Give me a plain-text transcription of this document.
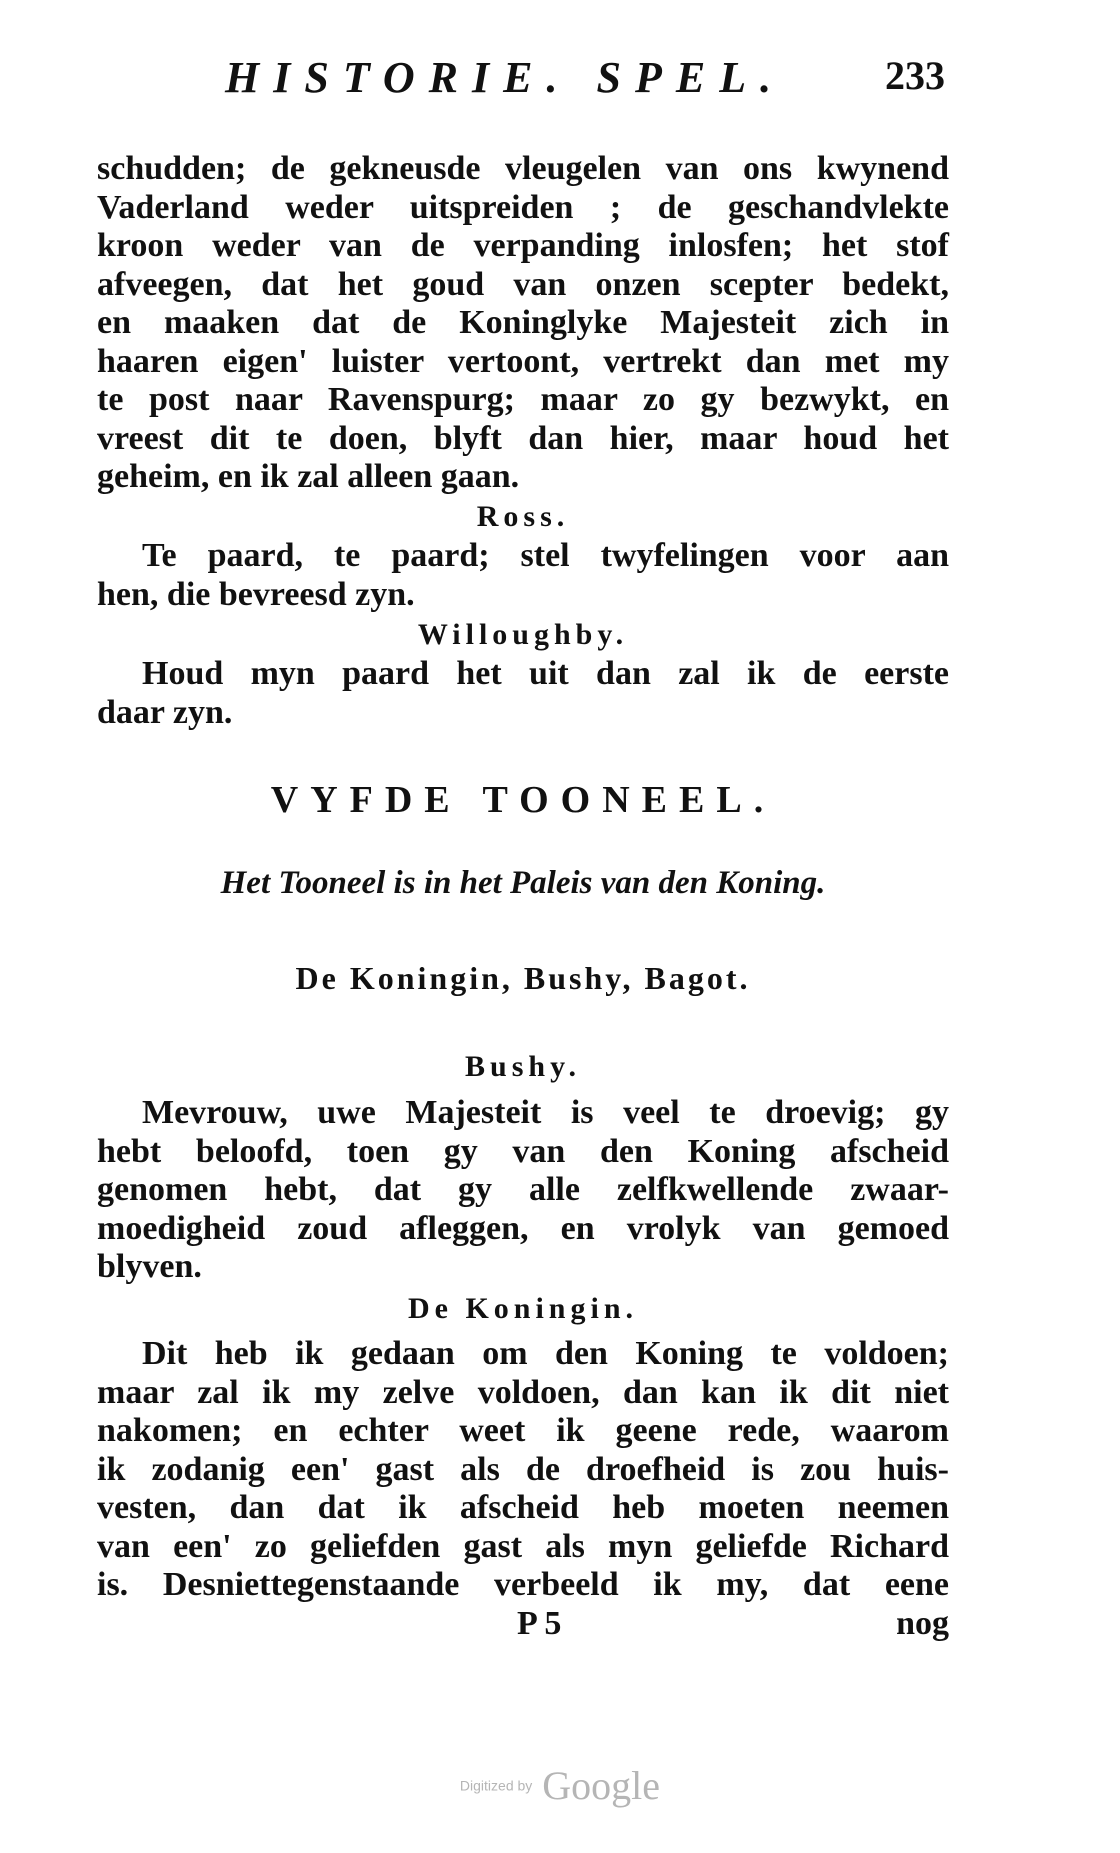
HISTORIE. SPEL. 233
schudden; de gekneusde vleugelen van ons kwynend
Vaderland weder uitspreiden ; de geschandvlekte
kroon weder van de verpanding inlosfen; het stof
afveegen, dat het goud van onzen scepter bedekt,
en maaken dat de Koninglyke Majesteit zich in
haaren eigen' luister vertoont, vertrekt dan met my
te post naar Ravenspurg; maar zo gy bezwykt, en
vreest dit te doen, blyft dan hier, maar houd het
geheim, en ik zal alleen gaan.
Ross.
Te paard, te paard; stel twyfelingen voor aan
hen, die bevreesd zyn.
Willoughby.
Houd myn paard het uit dan zal ik de eerste
daar zyn.
VYFDE TOONEEL.
Het Tooneel is in het Paleis van den Koning.
De Koningin, Bushy, Bagot.
Bushy.
Mevrouw, uwe Majesteit is veel te droevig; gy
hebt beloofd, toen gy van den Koning afscheid
genomen hebt, dat gy alle zelfkwellende zwaar-
moedigheid zoud afleggen, en vrolyk van gemoed
blyven.
De Koningin.
Dit heb ik gedaan om den Koning te voldoen;
maar zal ik my zelve voldoen, dan kan ik dit niet
nakomen; en echter weet ik geene rede, waarom
ik zodanig een' gast als de droefheid is zou huis-
vesten, dan dat ik afscheid heb moeten neemen
van een' zo geliefden gast als myn geliefde Richard
is. Desniettegenstaande verbeeld ik my, dat eene
P 5	nog
Digitized by Google
